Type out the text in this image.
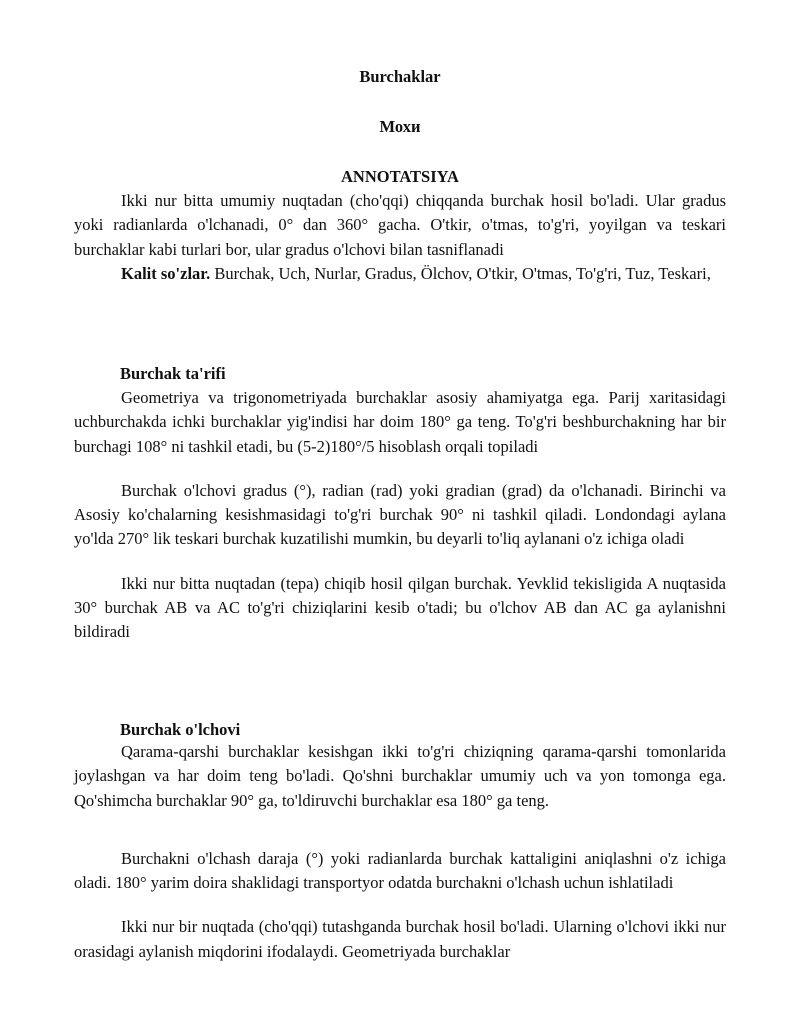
Burchaklar
Мохи
ANNOTATSIYA

Ikki nur bitta umumiy nuqtadan (cho'qqi) chiqqanda burchak hosil bo'ladi. Ular gradus yoki radianlarda o'lchanadi, 0° dan 360° gacha. O'tkir, o'tmas, to'g'ri, yoyilgan va teskari burchaklar kabi turlari bor, ular gradus o'lchovi bilan tasniflanadi

Kalit so'zlar. Burchak, Uch, Nurlar, Gradus, Ölchov, O'tkir, O'tmas, To'g'ri, Tuz, Teskari,

Burchak ta'rifi

Geometriya va trigonometriyada burchaklar asosiy ahamiyatga ega. Parij xaritasidagi uchburchakda ichki burchaklar yig'indisi har doim 180° ga teng. To'g'ri beshburchakning har bir burchagi 108° ni tashkil etadi, bu (5-2)180°/5 hisoblash orqali topiladi

Burchak o'lchovi gradus (°), radian (rad) yoki gradian (grad) da o'lchanadi. Birinchi va Asosiy ko'chalarning kesishmasidagi to'g'ri burchak 90° ni tashkil qiladi. Londondagi aylana yo'lda 270° lik teskari burchak kuzatilishi mumkin, bu deyarli to'liq aylanani o'z ichiga oladi

Ikki nur bitta nuqtadan (tepa) chiqib hosil qilgan burchak. Yevklid tekisligida A nuqtasida 30° burchak AB va AC to'g'ri chiziqlarini kesib o'tadi; bu o'lchov AB dan AC ga aylanishni bildiradi

Burchak o'lchovi

Qarama-qarshi burchaklar kesishgan ikki to'g'ri chiziqning qarama-qarshi tomonlarida joylashgan va har doim teng bo'ladi. Qo'shni burchaklar umumiy uch va yon tomonga ega. Qo'shimcha burchaklar 90° ga, to'ldiruvchi burchaklar esa 180° ga teng.

Burchakni o'lchash daraja (°) yoki radianlarda burchak kattaligini aniqlashni o'z ichiga oladi. 180° yarim doira shaklidagi transportyor odatda burchakni o'lchash uchun ishlatiladi

Ikki nur bir nuqtada (cho'qqi) tutashganda burchak hosil bo'ladi. Ularning o'lchovi ikki nur orasidagi aylanish miqdorini ifodalaydi. Geometriyada burchaklar
